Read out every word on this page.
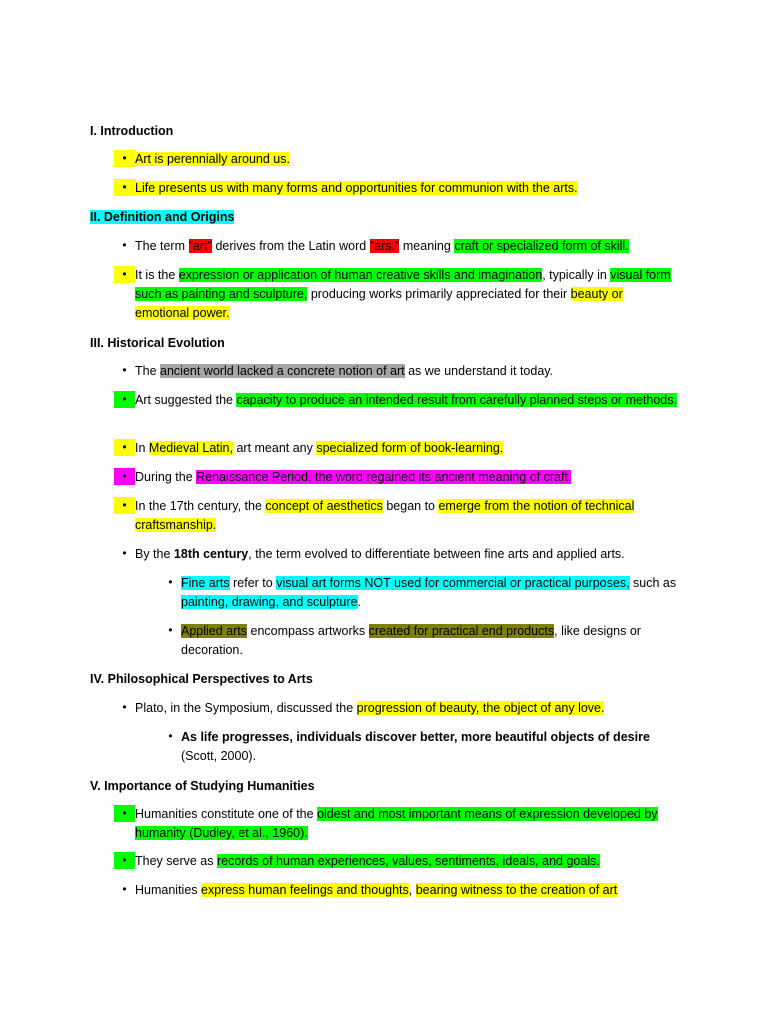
I. Introduction
• Art is perennially around us.
• Life presents us with many forms and opportunities for communion with the arts.
II. Definition and Origins
• The term "art" derives from the Latin word "ars," meaning craft or specialized form of skill.
• It is the expression or application of human creative skills and imagination, typically in visual form such as painting and sculpture, producing works primarily appreciated for their beauty or emotional power.
III. Historical Evolution
• The ancient world lacked a concrete notion of art as we understand it today.
• Art suggested the capacity to produce an intended result from carefully planned steps or methods.
• In Medieval Latin, art meant any specialized form of book-learning.
• During the Renaissance Period, the word regained its ancient meaning of craft.
• In the 17th century, the concept of aesthetics began to emerge from the notion of technical craftsmanship.
• By the 18th century, the term evolved to differentiate between fine arts and applied arts.
• Fine arts refer to visual art forms NOT used for commercial or practical purposes, such as painting, drawing, and sculpture.
• Applied arts encompass artworks created for practical end products, like designs or decoration.
IV. Philosophical Perspectives to Arts
• Plato, in the Symposium, discussed the progression of beauty, the object of any love.
• As life progresses, individuals discover better, more beautiful objects of desire (Scott, 2000).
V. Importance of Studying Humanities
• Humanities constitute one of the oldest and most important means of expression developed by humanity (Dudley, et al., 1960).
• They serve as records of human experiences, values, sentiments, ideals, and goals.
• Humanities express human feelings and thoughts, bearing witness to the creation of art
